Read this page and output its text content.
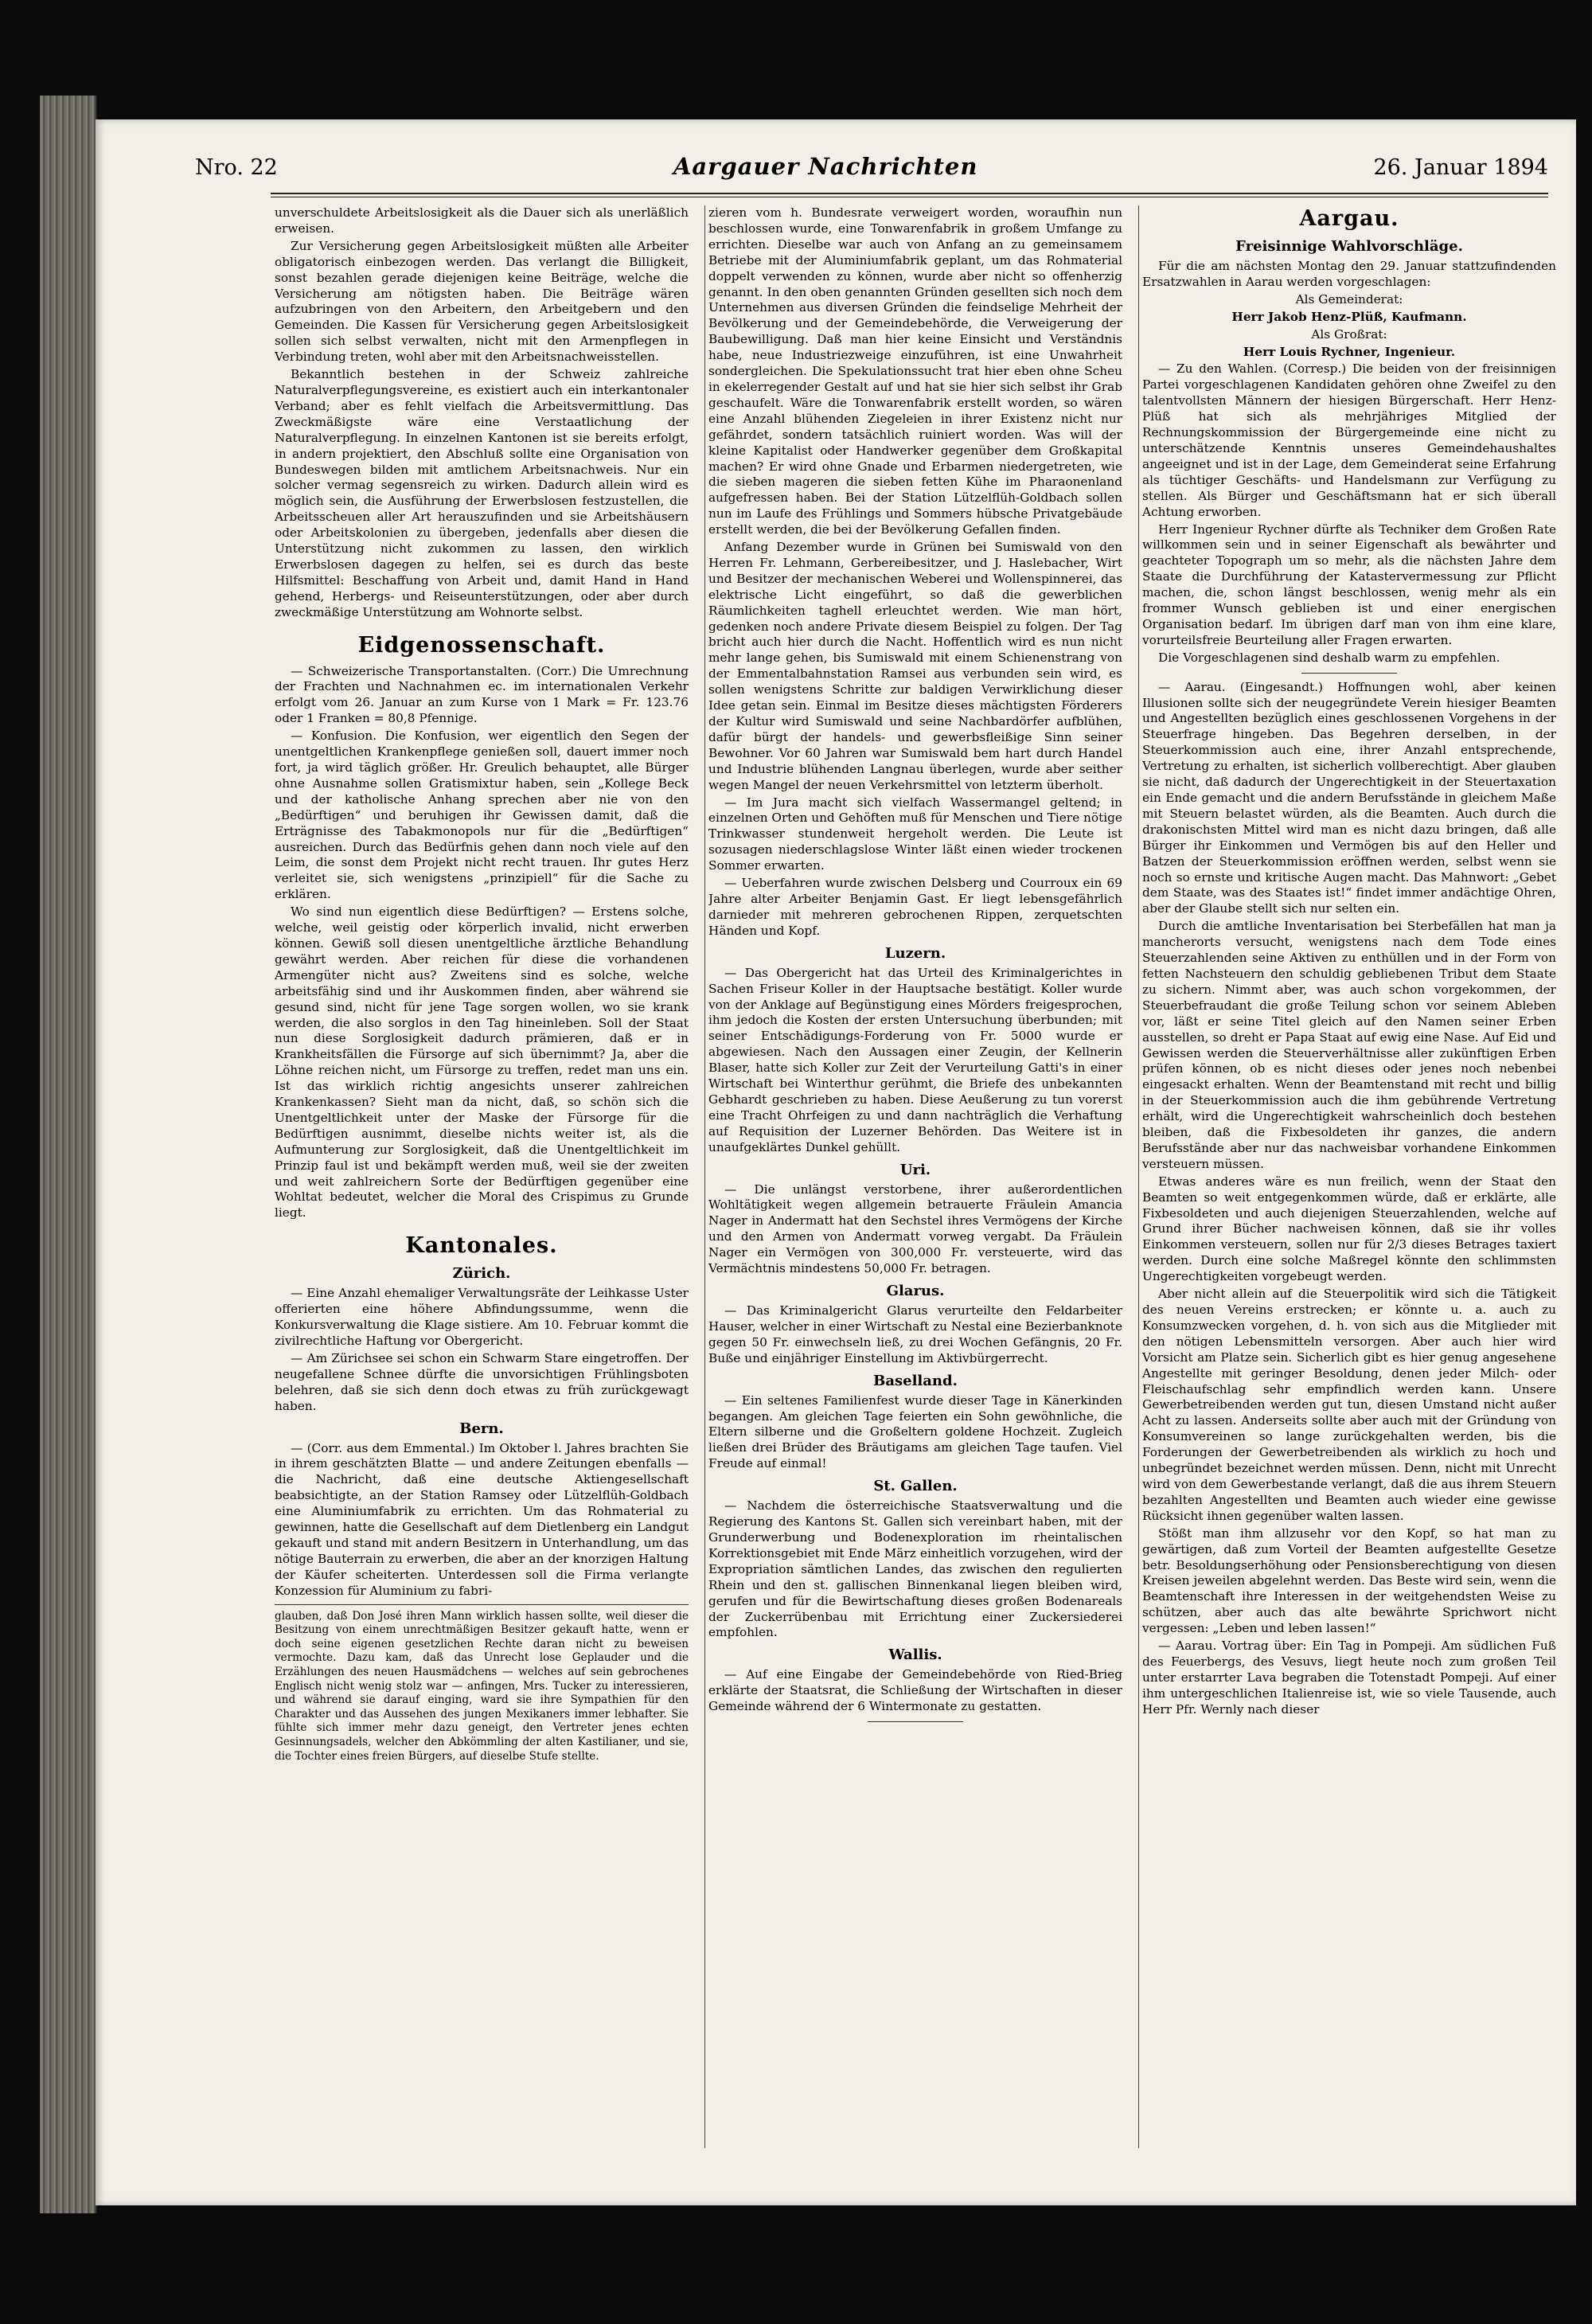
Nro. 22	Aargauer Nachrichten	26. Januar 1894

unverschuldete Arbeitslosigkeit als die Dauer sich als unerläßlich erweisen.

Zur Versicherung gegen Arbeitslosigkeit müßten alle Arbeiter obligatorisch einbezogen werden. Das verlangt die Billigkeit, sonst bezahlen gerade diejenigen keine Beiträge, welche die Versicherung am nötigsten haben. Die Beiträge wären aufzubringen von den Arbeitern, den Arbeitgebern und den Gemeinden. Die Kassen für Versicherung gegen Arbeitslosigkeit sollen sich selbst verwalten, nicht mit den Armenpflegen in Verbindung treten, wohl aber mit den Arbeitsnachweisstellen.

Bekanntlich bestehen in der Schweiz zahlreiche Naturalverpflegungsvereine, es existiert auch ein interkantonaler Verband; aber es fehlt vielfach die Arbeitsvermittlung. Das Zweckmäßigste wäre eine Verstaatlichung der Naturalverpflegung. In einzelnen Kantonen ist sie bereits erfolgt, in andern projektiert, den Abschluß sollte eine Organisation von Bundeswegen bilden mit amtlichem Arbeitsnachweis. Nur ein solcher vermag segensreich zu wirken. Dadurch allein wird es möglich sein, die Ausführung der Erwerbslosen festzustellen, die Arbeitsscheuen aller Art herauszufinden und sie Arbeitshäusern oder Arbeitskolonien zu übergeben, jedenfalls aber diesen die Unterstützung nicht zukommen zu lassen, den wirklich Erwerbslosen dagegen zu helfen, sei es durch das beste Hilfsmittel: Beschaffung von Arbeit und, damit Hand in Hand gehend, Herbergs- und Reiseunterstützungen, oder aber durch zweckmäßige Unterstützung am Wohnorte selbst.

Eidgenossenschaft.

— Schweizerische Transportanstalten. (Corr.) Die Umrechnung der Frachten und Nachnahmen ec. im internationalen Verkehr erfolgt vom 26. Januar an zum Kurse von 1 Mark = Fr. 123.76 oder 1 Franken = 80,8 Pfennige.

— Konfusion. Die Konfusion, wer eigentlich den Segen der unentgeltlichen Krankenpflege genießen soll, dauert immer noch fort, ja wird täglich größer. Hr. Greulich behauptet, alle Bürger ohne Ausnahme sollen Gratismixtur haben, sein „Kollege Beck und der katholische Anhang sprechen aber nie von den „Bedürftigen“ und beruhigen ihr Gewissen damit, daß die Erträgnisse des Tabakmonopols nur für die „Bedürftigen“ ausreichen. Durch das Bedürfnis gehen dann noch viele auf den Leim, die sonst dem Projekt nicht recht trauen. Ihr gutes Herz verleitet sie, sich wenigstens „prinzipiell“ für die Sache zu erklären.

Wo sind nun eigentlich diese Bedürftigen? — Erstens solche, welche, weil geistig oder körperlich invalid, nicht erwerben können. Gewiß soll diesen unentgeltliche ärztliche Behandlung gewährt werden. Aber reichen für diese die vorhandenen Armengüter nicht aus? Zweitens sind es solche, welche arbeitsfähig sind und ihr Auskommen finden, aber während sie gesund sind, nicht für jene Tage sorgen wollen, wo sie krank werden, die also sorglos in den Tag hineinleben. Soll der Staat nun diese Sorglosigkeit dadurch prämieren, daß er in Krankheitsfällen die Fürsorge auf sich übernimmt? Ja, aber die Löhne reichen nicht, um Fürsorge zu treffen, redet man uns ein. Ist das wirklich richtig angesichts unserer zahlreichen Krankenkassen? Sieht man da nicht, daß, so schön sich die Unentgeltlichkeit unter der Maske der Fürsorge für die Bedürftigen ausnimmt, dieselbe nichts weiter ist, als die Aufmunterung zur Sorglosigkeit, daß die Unentgeltlichkeit im Prinzip faul ist und bekämpft werden muß, weil sie der zweiten und weit zahlreichern Sorte der Bedürftigen gegenüber eine Wohltat bedeutet, welcher die Moral des Crispimus zu Grunde liegt.

Kantonales.
Zürich.

— Eine Anzahl ehemaliger Verwaltungsräte der Leihkasse Uster offerierten eine höhere Abfindungssumme, wenn die Konkursverwaltung die Klage sistiere. Am 10. Februar kommt die zivilrechtliche Haftung vor Obergericht.

— Am Zürichsee sei schon ein Schwarm Stare eingetroffen. Der neugefallene Schnee dürfte die unvorsichtigen Frühlingsboten belehren, daß sie sich denn doch etwas zu früh zurückgewagt haben.

Bern.

— (Corr. aus dem Emmental.) Im Oktober l. Jahres brachten Sie in ihrem geschätzten Blatte — und andere Zeitungen ebenfalls — die Nachricht, daß eine deutsche Aktiengesellschaft beabsichtigte, an der Station Ramsey oder Lützelflüh-Goldbach eine Aluminiumfabrik zu errichten. Um das Rohmaterial zu gewinnen, hatte die Gesellschaft auf dem Dietlenberg ein Landgut gekauft und stand mit andern Besitzern in Unterhandlung, um das nötige Bauterrain zu erwerben, die aber an der knorzigen Haltung der Käufer scheiterten. Unterdessen soll die Firma verlangte Konzession für Aluminium zu fabri-

glauben, daß Don José ihren Mann wirklich hassen sollte, weil dieser die Besitzung von einem unrechtmäßigen Besitzer gekauft hatte, wenn er doch seine eigenen gesetzlichen Rechte daran nicht zu beweisen vermochte. Dazu kam, daß das Unrecht lose Geplauder und die Erzählungen des neuen Hausmädchens — welches auf sein gebrochenes Englisch nicht wenig stolz war — anfingen, Mrs. Tucker zu interessieren, und während sie darauf einging, ward sie ihre Sympathien für den Charakter und das Aussehen des jungen Mexikaners immer lebhafter. Sie fühlte sich immer mehr dazu geneigt, den Vertreter jenes echten Gesinnungsadels, welcher den Abkömmling der alten Kastilianer, und sie, die Tochter eines freien Bürgers, auf dieselbe Stufe stellte.

zieren vom h. Bundesrate verweigert worden, woraufhin nun beschlossen wurde, eine Tonwarenfabrik in großem Umfange zu errichten. Dieselbe war auch von Anfang an zu gemeinsamem Betriebe mit der Aluminiumfabrik geplant, um das Rohmaterial doppelt verwenden zu können, wurde aber nicht so offenherzig genannt. In den oben genannten Gründen gesellten sich noch dem Unternehmen aus diversen Gründen die feindselige Mehrheit der Bevölkerung und der Gemeindebehörde, die Verweigerung der Baubewilligung. Daß man hier keine Einsicht und Verständnis habe, neue Industriezweige einzuführen, ist eine Unwahrheit sondergleichen. Die Spekulationssucht trat hier eben ohne Scheu in ekelerregender Gestalt auf und hat sie hier sich selbst ihr Grab geschaufelt. Wäre die Tonwarenfabrik erstellt worden, so wären eine Anzahl blühenden Ziegeleien in ihrer Existenz nicht nur gefährdet, sondern tatsächlich ruiniert worden. Was will der kleine Kapitalist oder Handwerker gegenüber dem Großkapital machen? Er wird ohne Gnade und Erbarmen niedergetreten, wie die sieben mageren die sieben fetten Kühe im Pharaonenland aufgefressen haben. Bei der Station Lützelflüh-Goldbach sollen nun im Laufe des Frühlings und Sommers hübsche Privatgebäude erstellt werden, die bei der Bevölkerung Gefallen finden.

Anfang Dezember wurde in Grünen bei Sumiswald von den Herren Fr. Lehmann, Gerbereibesitzer, und J. Haslebacher, Wirt und Besitzer der mechanischen Weberei und Wollenspinnerei, das elektrische Licht eingeführt, so daß die gewerblichen Räumlichkeiten taghell erleuchtet werden. Wie man hört, gedenken noch andere Private diesem Beispiel zu folgen. Der Tag bricht auch hier durch die Nacht. Hoffentlich wird es nun nicht mehr lange gehen, bis Sumiswald mit einem Schienenstrang von der Emmentalbahnstation Ramsei aus verbunden sein wird, es sollen wenigstens Schritte zur baldigen Verwirklichung dieser Idee getan sein. Einmal im Besitze dieses mächtigsten Förderers der Kultur wird Sumiswald und seine Nachbardörfer aufblühen, dafür bürgt der handels- und gewerbsfleißige Sinn seiner Bewohner. Vor 60 Jahren war Sumiswald bem hart durch Handel und Industrie blühenden Langnau überlegen, wurde aber seither wegen Mangel der neuen Verkehrsmittel von letzterm überholt.

— Im Jura macht sich vielfach Wassermangel geltend; in einzelnen Orten und Gehöften muß für Menschen und Tiere nötige Trinkwasser stundenweit hergeholt werden. Die Leute ist sozusagen niederschlagslose Winter läßt einen wieder trockenen Sommer erwarten.

— Ueberfahren wurde zwischen Delsberg und Courroux ein 69 Jahre alter Arbeiter Benjamin Gast. Er liegt lebensgefährlich darnieder mit mehreren gebrochenen Rippen, zerquetschten Händen und Kopf.

Luzern.

— Das Obergericht hat das Urteil des Kriminalgerichtes in Sachen Friseur Koller in der Hauptsache bestätigt. Koller wurde von der Anklage auf Begünstigung eines Mörders freigesprochen, ihm jedoch die Kosten der ersten Untersuchung überbunden; mit seiner Entschädigungs-Forderung von Fr. 5000 wurde er abgewiesen. Nach den Aussagen einer Zeugin, der Kellnerin Blaser, hatte sich Koller zur Zeit der Verurteilung Gatti's in einer Wirtschaft bei Winterthur gerühmt, die Briefe des unbekannten Gebhardt geschrieben zu haben. Diese Aeußerung zu tun vorerst eine Tracht Ohrfeigen zu und dann nachträglich die Verhaftung auf Requisition der Luzerner Behörden. Das Weitere ist in unaufgeklärtes Dunkel gehüllt.

Uri.

— Die unlängst verstorbene, ihrer außerordentlichen Wohltätigkeit wegen allgemein betrauerte Fräulein Amancia Nager in Andermatt hat den Sechstel ihres Vermögens der Kirche und den Armen von Andermatt vorweg vergabt. Da Fräulein Nager ein Vermögen von 300,000 Fr. versteuerte, wird das Vermächtnis mindestens 50,000 Fr. betragen.

Glarus.

— Das Kriminalgericht Glarus verurteilte den Feldarbeiter Hauser, welcher in einer Wirtschaft zu Nestal eine Bezierbanknote gegen 50 Fr. einwechseln ließ, zu drei Wochen Gefängnis, 20 Fr. Buße und einjähriger Einstellung im Aktivbürgerrecht.

Baselland.

— Ein seltenes Familienfest wurde dieser Tage in Känerkinden begangen. Am gleichen Tage feierten ein Sohn gewöhnliche, die Eltern silberne und die Großeltern goldene Hochzeit. Zugleich ließen drei Brüder des Bräutigams am gleichen Tage taufen. Viel Freude auf einmal!

St. Gallen.

— Nachdem die österreichische Staatsverwaltung und die Regierung des Kantons St. Gallen sich vereinbart haben, mit der Grunderwerbung und Bodenexploration im rheintalischen Korrektionsgebiet mit Ende März einheitlich vorzugehen, wird der Expropriation sämtlichen Landes, das zwischen den regulierten Rhein und den st. gallischen Binnenkanal liegen bleiben wird, gerufen und für die Bewirtschaftung dieses großen Bodenareals der Zuckerrübenbau mit Errichtung einer Zuckersiederei empfohlen.

Wallis.

— Auf eine Eingabe der Gemeindebehörde von Ried-Brieg erklärte der Staatsrat, die Schließung der Wirtschaften in dieser Gemeinde während der 6 Wintermonate zu gestatten.

Aargau.
Freisinnige Wahlvorschläge.

Für die am nächsten Montag den 29. Januar stattzufindenden Ersatzwahlen in Aarau werden vorgeschlagen:

Als Gemeinderat:

Herr Jakob Henz-Plüß, Kaufmann.

Als Großrat:

Herr Louis Rychner, Ingenieur.

— Zu den Wahlen. (Corresp.) Die beiden von der freisinnigen Partei vorgeschlagenen Kandidaten gehören ohne Zweifel zu den talentvollsten Männern der hiesigen Bürgerschaft. Herr Henz-Plüß hat sich als mehrjähriges Mitglied der Rechnungskommission der Bürgergemeinde eine nicht zu unterschätzende Kenntnis unseres Gemeindehaushaltes angeeignet und ist in der Lage, dem Gemeinderat seine Erfahrung als tüchtiger Geschäfts- und Handelsmann zur Verfügung zu stellen. Als Bürger und Geschäftsmann hat er sich überall Achtung erworben.

Herr Ingenieur Rychner dürfte als Techniker dem Großen Rate willkommen sein und in seiner Eigenschaft als bewährter und geachteter Topograph um so mehr, als die nächsten Jahre dem Staate die Durchführung der Katastervermessung zur Pflicht machen, die, schon längst beschlossen, wenig mehr als ein frommer Wunsch geblieben ist und einer energischen Organisation bedarf. Im übrigen darf man von ihm eine klare, vorurteilsfreie Beurteilung aller Fragen erwarten.

Die Vorgeschlagenen sind deshalb warm zu empfehlen.

— Aarau. (Eingesandt.) Hoffnungen wohl, aber keinen Illusionen sollte sich der neugegründete Verein hiesiger Beamten und Angestellten bezüglich eines geschlossenen Vorgehens in der Steuerfrage hingeben. Das Begehren derselben, in der Steuerkommission auch eine, ihrer Anzahl entsprechende, Vertretung zu erhalten, ist sicherlich vollberechtigt. Aber glauben sie nicht, daß dadurch der Ungerechtigkeit in der Steuertaxation ein Ende gemacht und die andern Berufsstände in gleichem Maße mit Steuern belastet würden, als die Beamten. Auch durch die drakonischsten Mittel wird man es nicht dazu bringen, daß alle Bürger ihr Einkommen und Vermögen bis auf den Heller und Batzen der Steuerkommission eröffnen werden, selbst wenn sie noch so ernste und kritische Augen macht. Das Mahnwort: „Gebet dem Staate, was des Staates ist!“ findet immer andächtige Ohren, aber der Glaube stellt sich nur selten ein.

Durch die amtliche Inventarisation bei Sterbefällen hat man ja mancherorts versucht, wenigstens nach dem Tode eines Steuerzahlenden seine Aktiven zu enthüllen und in der Form von fetten Nachsteuern den schuldig gebliebenen Tribut dem Staate zu sichern. Nimmt aber, was auch schon vorgekommen, der Steuerbefraudant die große Teilung schon vor seinem Ableben vor, läßt er seine Titel gleich auf den Namen seiner Erben ausstellen, so dreht er Papa Staat auf ewig eine Nase. Auf Eid und Gewissen werden die Steuerverhältnisse aller zukünftigen Erben prüfen können, ob es nicht dieses oder jenes noch nebenbei eingesackt erhalten. Wenn der Beamtenstand mit recht und billig in der Steuerkommission auch die ihm gebührende Vertretung erhält, wird die Ungerechtigkeit wahrscheinlich doch bestehen bleiben, daß die Fixbesoldeten ihr ganzes, die andern Berufsstände aber nur das nachweisbar vorhandene Einkommen versteuern müssen.

Etwas anderes wäre es nun freilich, wenn der Staat den Beamten so weit entgegenkommen würde, daß er erklärte, alle Fixbesoldeten und auch diejenigen Steuerzahlenden, welche auf Grund ihrer Bücher nachweisen können, daß sie ihr volles Einkommen versteuern, sollen nur für 2/3 dieses Betrages taxiert werden. Durch eine solche Maßregel könnte den schlimmsten Ungerechtigkeiten vorgebeugt werden.

Aber nicht allein auf die Steuerpolitik wird sich die Tätigkeit des neuen Vereins erstrecken; er könnte u. a. auch zu Konsumzwecken vorgehen, d. h. von sich aus die Mitglieder mit den nötigen Lebensmitteln versorgen. Aber auch hier wird Vorsicht am Platze sein. Sicherlich gibt es hier genug angesehene Angestellte mit geringer Besoldung, denen jeder Milch- oder Fleischaufschlag sehr empfindlich werden kann. Unsere Gewerbetreibenden werden gut tun, diesen Umstand nicht außer Acht zu lassen. Anderseits sollte aber auch mit der Gründung von Konsumvereinen so lange zurückgehalten werden, bis die Forderungen der Gewerbetreibenden als wirklich zu hoch und unbegründet bezeichnet werden müssen. Denn, nicht mit Unrecht wird von dem Gewerbestande verlangt, daß die aus ihrem Steuern bezahlten Angestellten und Beamten auch wieder eine gewisse Rücksicht ihnen gegenüber walten lassen.

Stößt man ihm allzusehr vor den Kopf, so hat man zu gewärtigen, daß zum Vorteil der Beamten aufgestellte Gesetze betr. Besoldungserhöhung oder Pensionsberechtigung von diesen Kreisen jeweilen abgelehnt werden. Das Beste wird sein, wenn die Beamtenschaft ihre Interessen in der weitgehendsten Weise zu schützen, aber auch das alte bewährte Sprichwort nicht vergessen: „Leben und leben lassen!“

— Aarau. Vortrag über: Ein Tag in Pompeji. Am südlichen Fuß des Feuerbergs, des Vesuvs, liegt heute noch zum großen Teil unter erstarrter Lava begraben die Totenstadt Pompeji. Auf einer ihm untergeschlichen Italienreise ist, wie so viele Tausende, auch Herr Pfr. Wernly nach dieser
